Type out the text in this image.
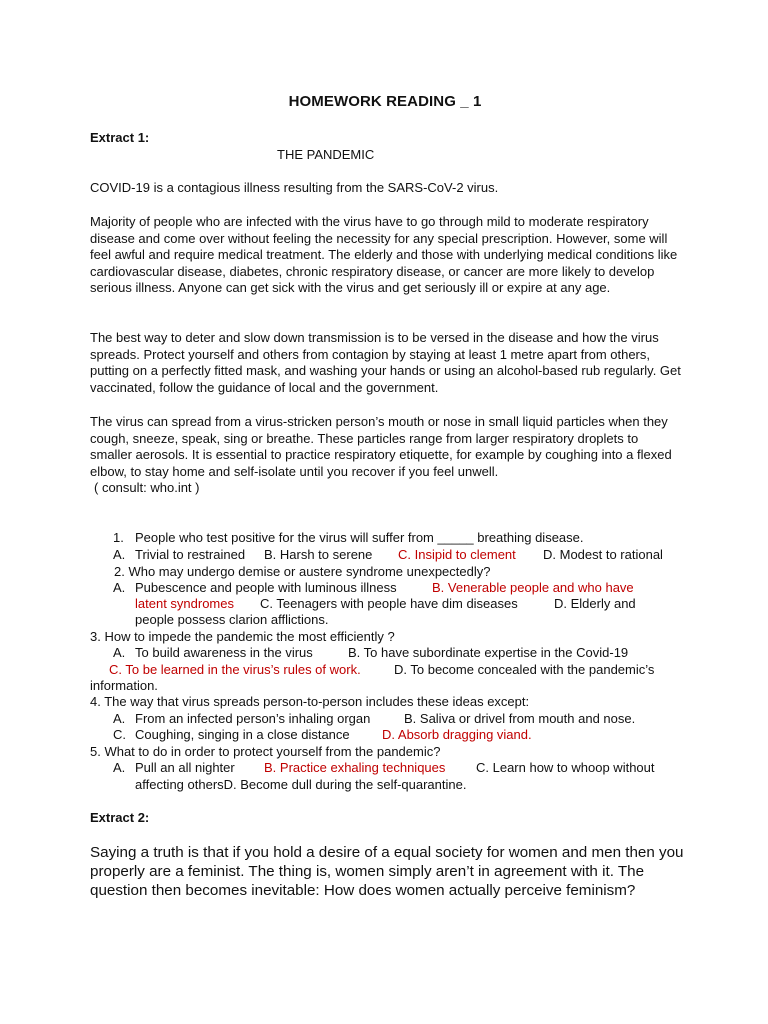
HOMEWORK READING _ 1
Extract 1:
THE PANDEMIC

COVID-19 is a contagious illness resulting from the SARS-CoV-2 virus.

Majority of people who are infected with the virus have to go through mild to moderate respiratory disease and come over without feeling the necessity for any special prescription. However, some will feel awful and require medical treatment. The elderly and those with underlying medical conditions like cardiovascular disease, diabetes, chronic respiratory disease, or cancer are more likely to develop serious illness. Anyone can get sick with the virus and get seriously ill or expire at any age.

The best way to deter and slow down transmission is to be versed in the disease and how the virus spreads. Protect yourself and others from contagion by staying at least 1 metre apart from others, putting on a perfectly fitted mask, and washing your hands or using an alcohol-based rub regularly. Get vaccinated, follow the guidance of local and the government.

The virus can spread from a virus-stricken person’s mouth or nose in small liquid particles when they cough, sneeze, speak, sing or breathe. These particles range from larger respiratory droplets to smaller aerosols. It is essential to practice respiratory etiquette, for example by coughing into a flexed elbow, to stay home and self-isolate until you recover if you feel unwell.

( consult: who.int )
1. People who test positive for the virus will suffer from _____ breathing disease.
A. Trivial to restrained B. Harsh to serene C. Insipid to clement D. Modest to rational
2. Who may undergo demise or austere syndrome unexpectedly?
A. Pubescence and people with luminous illness	B. Venerable people and who have
latent syndromes C. Teenagers with people have dim diseases	D. Elderly and
people possess clarion afflictions.
3. How to impede the pandemic the most efficiently ?
A. To build awareness in the virus	B. To have subordinate expertise in the Covid-19
C. To be learned in the virus’s rules of work.	D. To become concealed with the pandemic’s
information.
4. The way that virus spreads person-to-person includes these ideas except:
A. From an infected person’s inhaling organ	B. Saliva or drivel from mouth and nose.
C. Coughing, singing in a close distance D. Absorb dragging viand.
5. What to do in order to protect yourself from the pandemic?
A. Pull an all nighter B. Practice exhaling techniques C. Learn how to whoop without
affecting othersD. Become dull during the self-quarantine.
Extract 2:

Saying a truth is that if you hold a desire of a equal society for women and men then you properly are a feminist. The thing is, women simply aren’t in agreement with it. The question then becomes inevitable: How does women actually perceive feminism?
